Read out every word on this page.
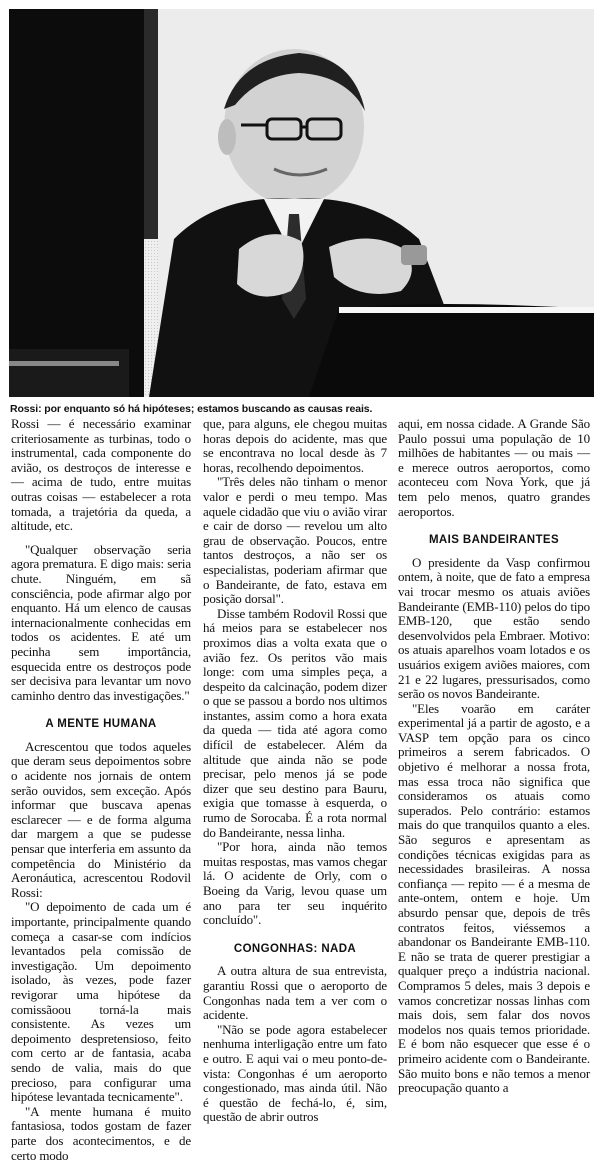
Rossi: por enquanto só há hipóteses; estamos buscando as causas reais.

Rossi — é necessário examinar criteriosamente as turbinas, todo o instrumental, cada componente do avião, os destroços de interesse e — acima de tudo, entre muitas outras coisas — estabelecer a rota tomada, a trajetória da queda, a altitude, etc.

"Qualquer observação seria agora prematura. E digo mais: seria chute. Ninguém, em sã consciência, pode afirmar algo por enquanto. Há um elenco de causas internacionalmente conhecidas em todos os acidentes. E até um pecinha sem importância, esquecida entre os destroços pode ser decisiva para levantar um novo caminho dentro das investigações."

A MENTE HUMANA

Acrescentou que todos aqueles que deram seus depoimentos sobre o acidente nos jornais de ontem serão ouvidos, sem exceção. Após informar que buscava apenas esclarecer — e de forma alguma dar margem a que se pudesse pensar que interferia em assunto da competência do Ministério da Aeronáutica, acrescentou Rodovil Rossi:

"O depoimento de cada um é importante, principalmente quando começa a casar-se com indícios levantados pela comissão de investigação. Um depoimento isolado, às vezes, pode fazer revigorar uma hipótese da comissãoou torná-la mais consistente. As vezes um depoimento despretensioso, feito com certo ar de fantasia, acaba sendo de valia, mais do que precioso, para configurar uma hipótese levantada tecnicamente".

"A mente humana é muito fantasiosa, todos gostam de fazer parte dos acontecimentos, e de certo modo

que, para alguns, ele chegou muitas horas depois do acidente, mas que se encontrava no local desde às 7 horas, recolhendo depoimentos.

"Três deles não tinham o menor valor e perdi o meu tempo. Mas aquele cidadão que viu o avião virar e cair de dorso — revelou um alto grau de observação. Poucos, entre tantos destroços, a não ser os especialistas, poderiam afirmar que o Bandeirante, de fato, estava em posição dorsal".

Disse também Rodovil Rossi que há meios para se estabelecer nos proximos dias a volta exata que o avião fez. Os peritos vão mais longe: com uma simples peça, a despeito da calcinação, podem dizer o que se passou a bordo nos ultimos instantes, assim como a hora exata da queda — tida até agora como difícil de estabelecer. Além da altitude que ainda não se pode precisar, pelo menos já se pode dizer que seu destino para Bauru, exigia que tomasse à esquerda, o rumo de Sorocaba. É a rota normal do Bandeirante, nessa linha.

"Por hora, ainda não temos muitas respostas, mas vamos chegar lá. O acidente de Orly, com o Boeing da Varig, levou quase um ano para ter seu inquérito concluído".

CONGONHAS: NADA

A outra altura de sua entrevista, garantiu Rossi que o aeroporto de Congonhas nada tem a ver com o acidente.

"Não se pode agora estabelecer nenhuma interligação entre um fato e outro. E aqui vai o meu ponto-de-vista: Congonhas é um aeroporto congestionado, mas ainda útil. Não é questão de fechá-lo, é, sim, questão de abrir outros

aqui, em nossa cidade. A Grande São Paulo possui uma população de 10 milhões de habitantes — ou mais — e merece outros aeroportos, como aconteceu com Nova York, que já tem pelo menos, quatro grandes aeroportos.

MAIS BANDEIRANTES

O presidente da Vasp confirmou ontem, à noite, que de fato a empresa vai trocar mesmo os atuais aviões Bandeirante (EMB-110) pelos do tipo EMB-120, que estão sendo desenvolvidos pela Embraer. Motivo: os atuais aparelhos voam lotados e os usuários exigem aviões maiores, com 21 e 22 lugares, pressurisados, como serão os novos Bandeirante.

"Eles voarão em caráter experimental já a partir de agosto, e a VASP tem opção para os cinco primeiros a serem fabricados. O objetivo é melhorar a nossa frota, mas essa troca não significa que consideramos os atuais como superados. Pelo contrário: estamos mais do que tranquilos quanto a eles. São seguros e apresentam as condições técnicas exigidas para as necessidades brasileiras. A nossa confiança — repito — é a mesma de ante-ontem, ontem e hoje. Um absurdo pensar que, depois de três contratos feitos, viéssemos a abandonar os Bandeirante EMB-110. E não se trata de querer prestigiar a qualquer preço a indústria nacional. Compramos 5 deles, mais 3 depois e vamos concretizar nossas linhas com mais dois, sem falar dos novos modelos nos quais temos prioridade. E é bom não esquecer que esse é o primeiro acidente com o Bandeirante. São muito bons e não temos a menor preocupação quanto a
